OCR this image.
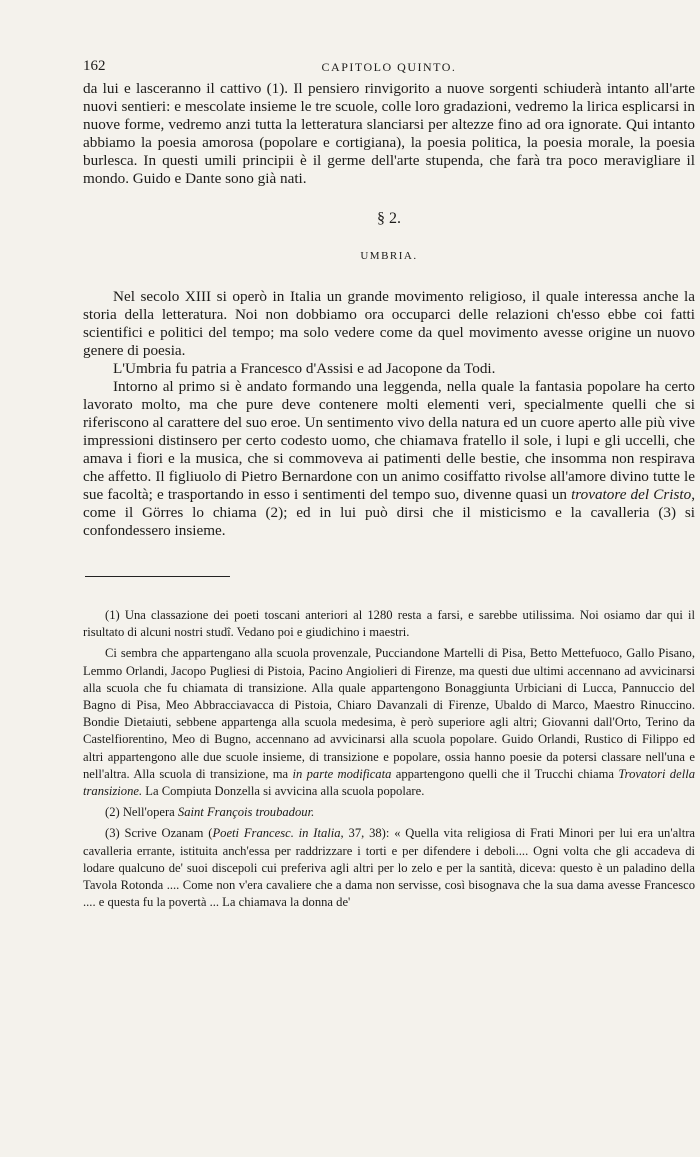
162	CAPITOLO QUINTO.

da lui e lasceranno il cattivo (1). Il pensiero rinvigorito a nuove sorgenti schiuderà intanto all'arte nuovi sentieri: e mescolate insieme le tre scuole, colle loro gradazioni, vedremo la lirica esplicarsi in nuove forme, vedremo anzi tutta la letteratura slanciarsi per altezze fino ad ora ignorate. Qui intanto abbiamo la poesia amorosa (popolare e cortigiana), la poesia politica, la poesia morale, la poesia burlesca. In questi umili principii è il germe dell'arte stupenda, che farà tra poco meravigliare il mondo. Guido e Dante sono già nati.

§ 2.
UMBRIA.

Nel secolo XIII si operò in Italia un grande movimento religioso, il quale interessa anche la storia della letteratura. Noi non dobbiamo ora occuparci delle relazioni ch'esso ebbe coi fatti scientifici e politici del tempo; ma solo vedere come da quel movimento avesse origine un nuovo genere di poesia.

L'Umbria fu patria a Francesco d'Assisi e ad Jacopone da Todi.

Intorno al primo si è andato formando una leggenda, nella quale la fantasia popolare ha certo lavorato molto, ma che pure deve contenere molti elementi veri, specialmente quelli che si riferiscono al carattere del suo eroe. Un sentimento vivo della natura ed un cuore aperto alle più vive impressioni distinsero per certo codesto uomo, che chiamava fratello il sole, i lupi e gli uccelli, che amava i fiori e la musica, che si commoveva ai patimenti delle bestie, che insomma non respirava che affetto. Il figliuolo di Pietro Bernardone con un animo cosiffatto rivolse all'amore divino tutte le sue facoltà; e trasportando in esso i sentimenti del tempo suo, divenne quasi un trovatore del Cristo, come il Görres lo chiama (2); ed in lui può dirsi che il misticismo e la cavalleria (3) si confondessero insieme.

(1) Una classazione dei poeti toscani anteriori al 1280 resta a farsi, e sarebbe utilissima. Noi osiamo dar qui il risultato di alcuni nostri studî. Vedano poi e giudichino i maestri.

Ci sembra che appartengano alla scuola provenzale, Pucciandone Martelli di Pisa, Betto Mettefuoco, Gallo Pisano, Lemmo Orlandi, Jacopo Pugliesi di Pistoia, Pacino Angiolieri di Firenze, ma questi due ultimi accennano ad avvicinarsi alla scuola che fu chiamata di transizione. Alla quale appartengono Bonaggiunta Urbiciani di Lucca, Pannuccio del Bagno di Pisa, Meo Abbracciavacca di Pistoia, Chiaro Davanzali di Firenze, Ubaldo di Marco, Maestro Rinuccino. Bondie Dietaiuti, sebbene appartenga alla scuola medesima, è però superiore agli altri; Giovanni dall'Orto, Terino da Castelfiorentino, Meo di Bugno, accennano ad avvicinarsi alla scuola popolare. Guido Orlandi, Rustico di Filippo ed altri appartengono alle due scuole insieme, di transizione e popolare, ossia hanno poesie da potersi classare nell'una e nell'altra. Alla scuola di transizione, ma in parte modificata appartengono quelli che il Trucchi chiama Trovatori della transizione. La Compiuta Donzella si avvicina alla scuola popolare.

(2) Nell'opera Saint François troubadour.

(3) Scrive Ozanam (Poeti Francesc. in Italia, 37, 38): « Quella vita religiosa di Frati Minori per lui era un'altra cavalleria errante, istituita anch'essa per raddrizzare i torti e per difendere i deboli.... Ogni volta che gli accadeva di lodare qualcuno de' suoi discepoli cui preferiva agli altri per lo zelo e per la santità, diceva: questo è un paladino della Tavola Rotonda .... Come non v'era cavaliere che a dama non servisse, così bisognava che la sua dama avesse Francesco .... e questa fu la povertà ... La chiamava la donna de'
